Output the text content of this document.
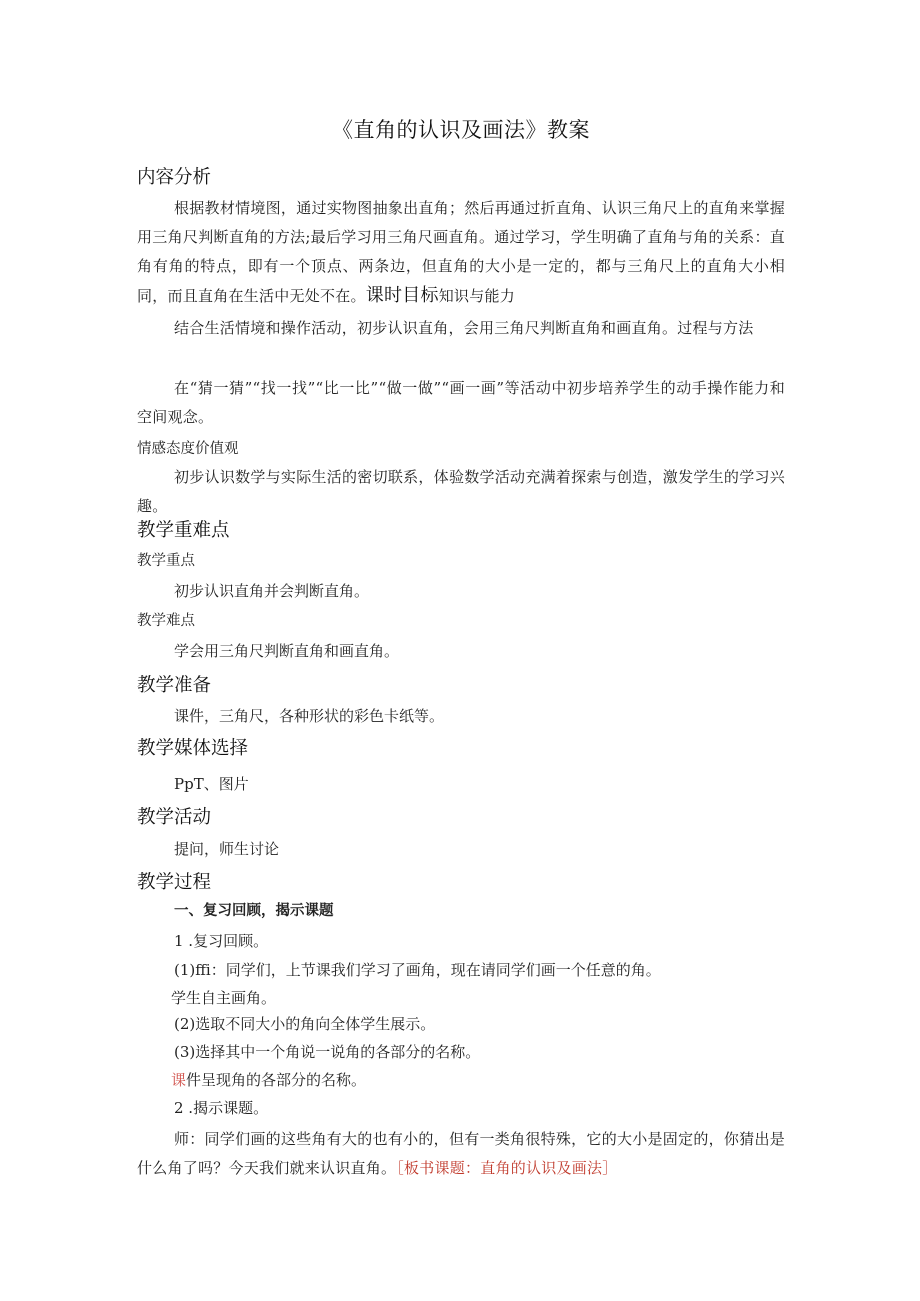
《直角的认识及画法》教案
内容分析
根据教材情境图，通过实物图抽象出直角；然后再通过折直角、认识三角尺上的直角来掌握用三角尺判断直角的方法;最后学习用三角尺画直角。通过学习，学生明确了直角与角的关系：直角有角的特点，即有一个顶点、两条边，但直角的大小是一定的，都与三角尺上的直角大小相同，而且直角在生活中无处不在。课时目标知识与能力
结合生活情境和操作活动，初步认识直角，会用三角尺判断直角和画直角。过程与方法
在“猜一猜”“找一找”“比一比”“做一做”“画一画”等活动中初步培养学生的动手操作能力和空间观念。
情感态度价值观
初步认识数学与实际生活的密切联系，体验数学活动充满着探索与创造，激发学生的学习兴趣。
教学重难点
教学重点
初步认识直角并会判断直角。
教学难点
学会用三角尺判断直角和画直角。
教学准备
课件，三角尺，各种形状的彩色卡纸等。
教学媒体选择
PpT、图片
教学活动
提问，师生讨论
教学过程
一、复习回顾，揭示课题
1 .复习回顾。
(1)ffi：同学们，上节课我们学习了画角，现在请同学们画一个任意的角。
学生自主画角。
(2)选取不同大小的角向全体学生展示。
(3)选择其中一个角说一说角的各部分的名称。
课件呈现角的各部分的名称。
2 .揭示课题。
师：同学们画的这些角有大的也有小的，但有一类角很特殊，它的大小是固定的，你猜出是什么角了吗？今天我们就来认识直角。［板书课题：直角的认识及画法］
